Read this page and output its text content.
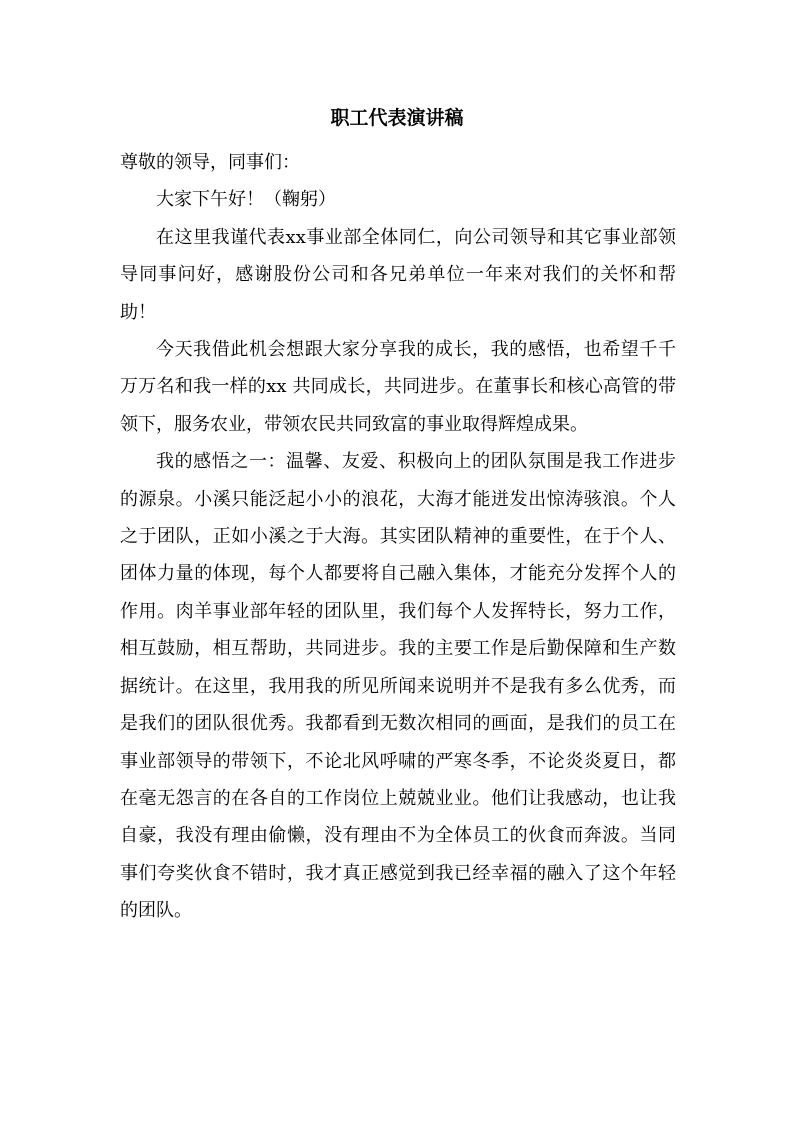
职工代表演讲稿

尊敬的领导，同事们：

大家下午好！（鞠躬）

在这里我谨代表xx事业部全体同仁，向公司领导和其它事业部领导同事问好，感谢股份公司和各兄弟单位一年来对我们的关怀和帮助！

今天我借此机会想跟大家分享我的成长，我的感悟，也希望千千万万名和我一样的xx 共同成长，共同进步。在董事长和核心高管的带领下，服务农业，带领农民共同致富的事业取得辉煌成果。

我的感悟之一：温馨、友爱、积极向上的团队氛围是我工作进步的源泉。小溪只能泛起小小的浪花，大海才能迸发出惊涛骇浪。个人之于团队，正如小溪之于大海。其实团队精神的重要性，在于个人、团体力量的体现，每个人都要将自己融入集体，才能充分发挥个人的作用。肉羊事业部年轻的团队里，我们每个人发挥特长，努力工作，相互鼓励，相互帮助，共同进步。我的主要工作是后勤保障和生产数据统计。在这里，我用我的所见所闻来说明并不是我有多么优秀，而是我们的团队很优秀。我都看到无数次相同的画面，是我们的员工在事业部领导的带领下，不论北风呼啸的严寒冬季，不论炎炎夏日，都在毫无怨言的在各自的工作岗位上兢兢业业。他们让我感动，也让我自豪，我没有理由偷懒，没有理由不为全体员工的伙食而奔波。当同事们夸奖伙食不错时，我才真正感觉到我已经幸福的融入了这个年轻的团队。
